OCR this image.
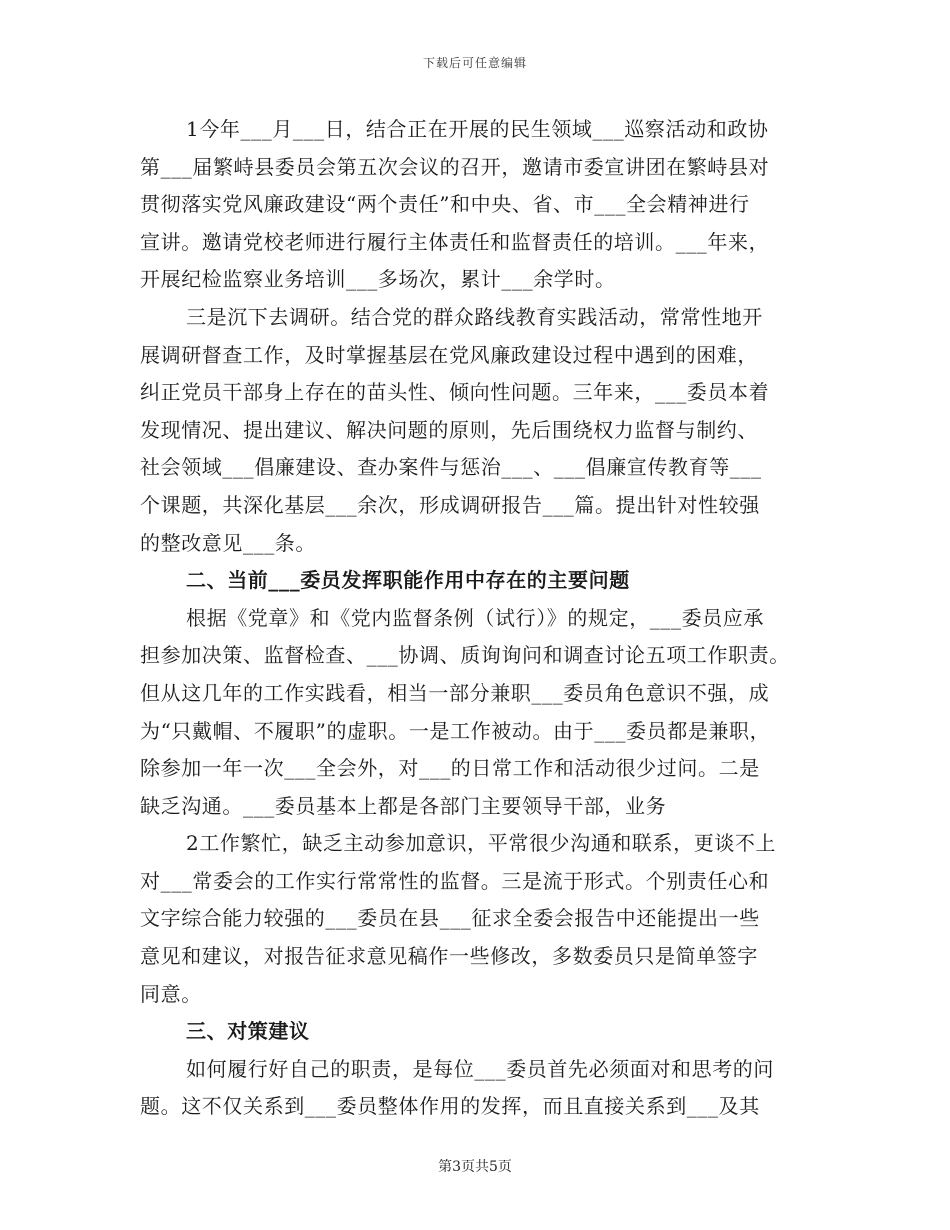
下载后可任意编辑
1今年___月___日，结合正在开展的民生领域___巡察活动和政协
第___届繁峙县委员会第五次会议的召开，邀请市委宣讲团在繁峙县对
贯彻落实党风廉政建设“两个责任”和中央、省、市___全会精神进行
宣讲。邀请党校老师进行履行主体责任和监督责任的培训。___年来，
开展纪检监察业务培训___多场次，累计___余学时。
三是沉下去调研。结合党的群众路线教育实践活动，常常性地开
展调研督查工作，及时掌握基层在党风廉政建设过程中遇到的困难，
纠正党员干部身上存在的苗头性、倾向性问题。三年来，___委员本着
发现情况、提出建议、解决问题的原则，先后围绕权力监督与制约、
社会领域___倡廉建设、查办案件与惩治___、___倡廉宣传教育等___
个课题，共深化基层___余次，形成调研报告___篇。提出针对性较强
的整改意见___条。
二、当前___委员发挥职能作用中存在的主要问题
根据《党章》和《党内监督条例（试行）》的规定，___委员应承
担参加决策、监督检查、___协调、质询询问和调查讨论五项工作职责。
但从这几年的工作实践看，相当一部分兼职___委员角色意识不强，成
为“只戴帽、不履职”的虚职。一是工作被动。由于___委员都是兼职，
除参加一年一次___全会外，对___的日常工作和活动很少过问。二是
缺乏沟通。___委员基本上都是各部门主要领导干部，业务
2工作繁忙，缺乏主动参加意识，平常很少沟通和联系，更谈不上
对___常委会的工作实行常常性的监督。三是流于形式。个别责任心和
文字综合能力较强的___委员在县___征求全委会报告中还能提出一些
意见和建议，对报告征求意见稿作一些修改，多数委员只是简单签字
同意。
三、对策建议
如何履行好自己的职责，是每位___委员首先必须面对和思考的问
题。这不仅关系到___委员整体作用的发挥，而且直接关系到___及其
第3页共5页
